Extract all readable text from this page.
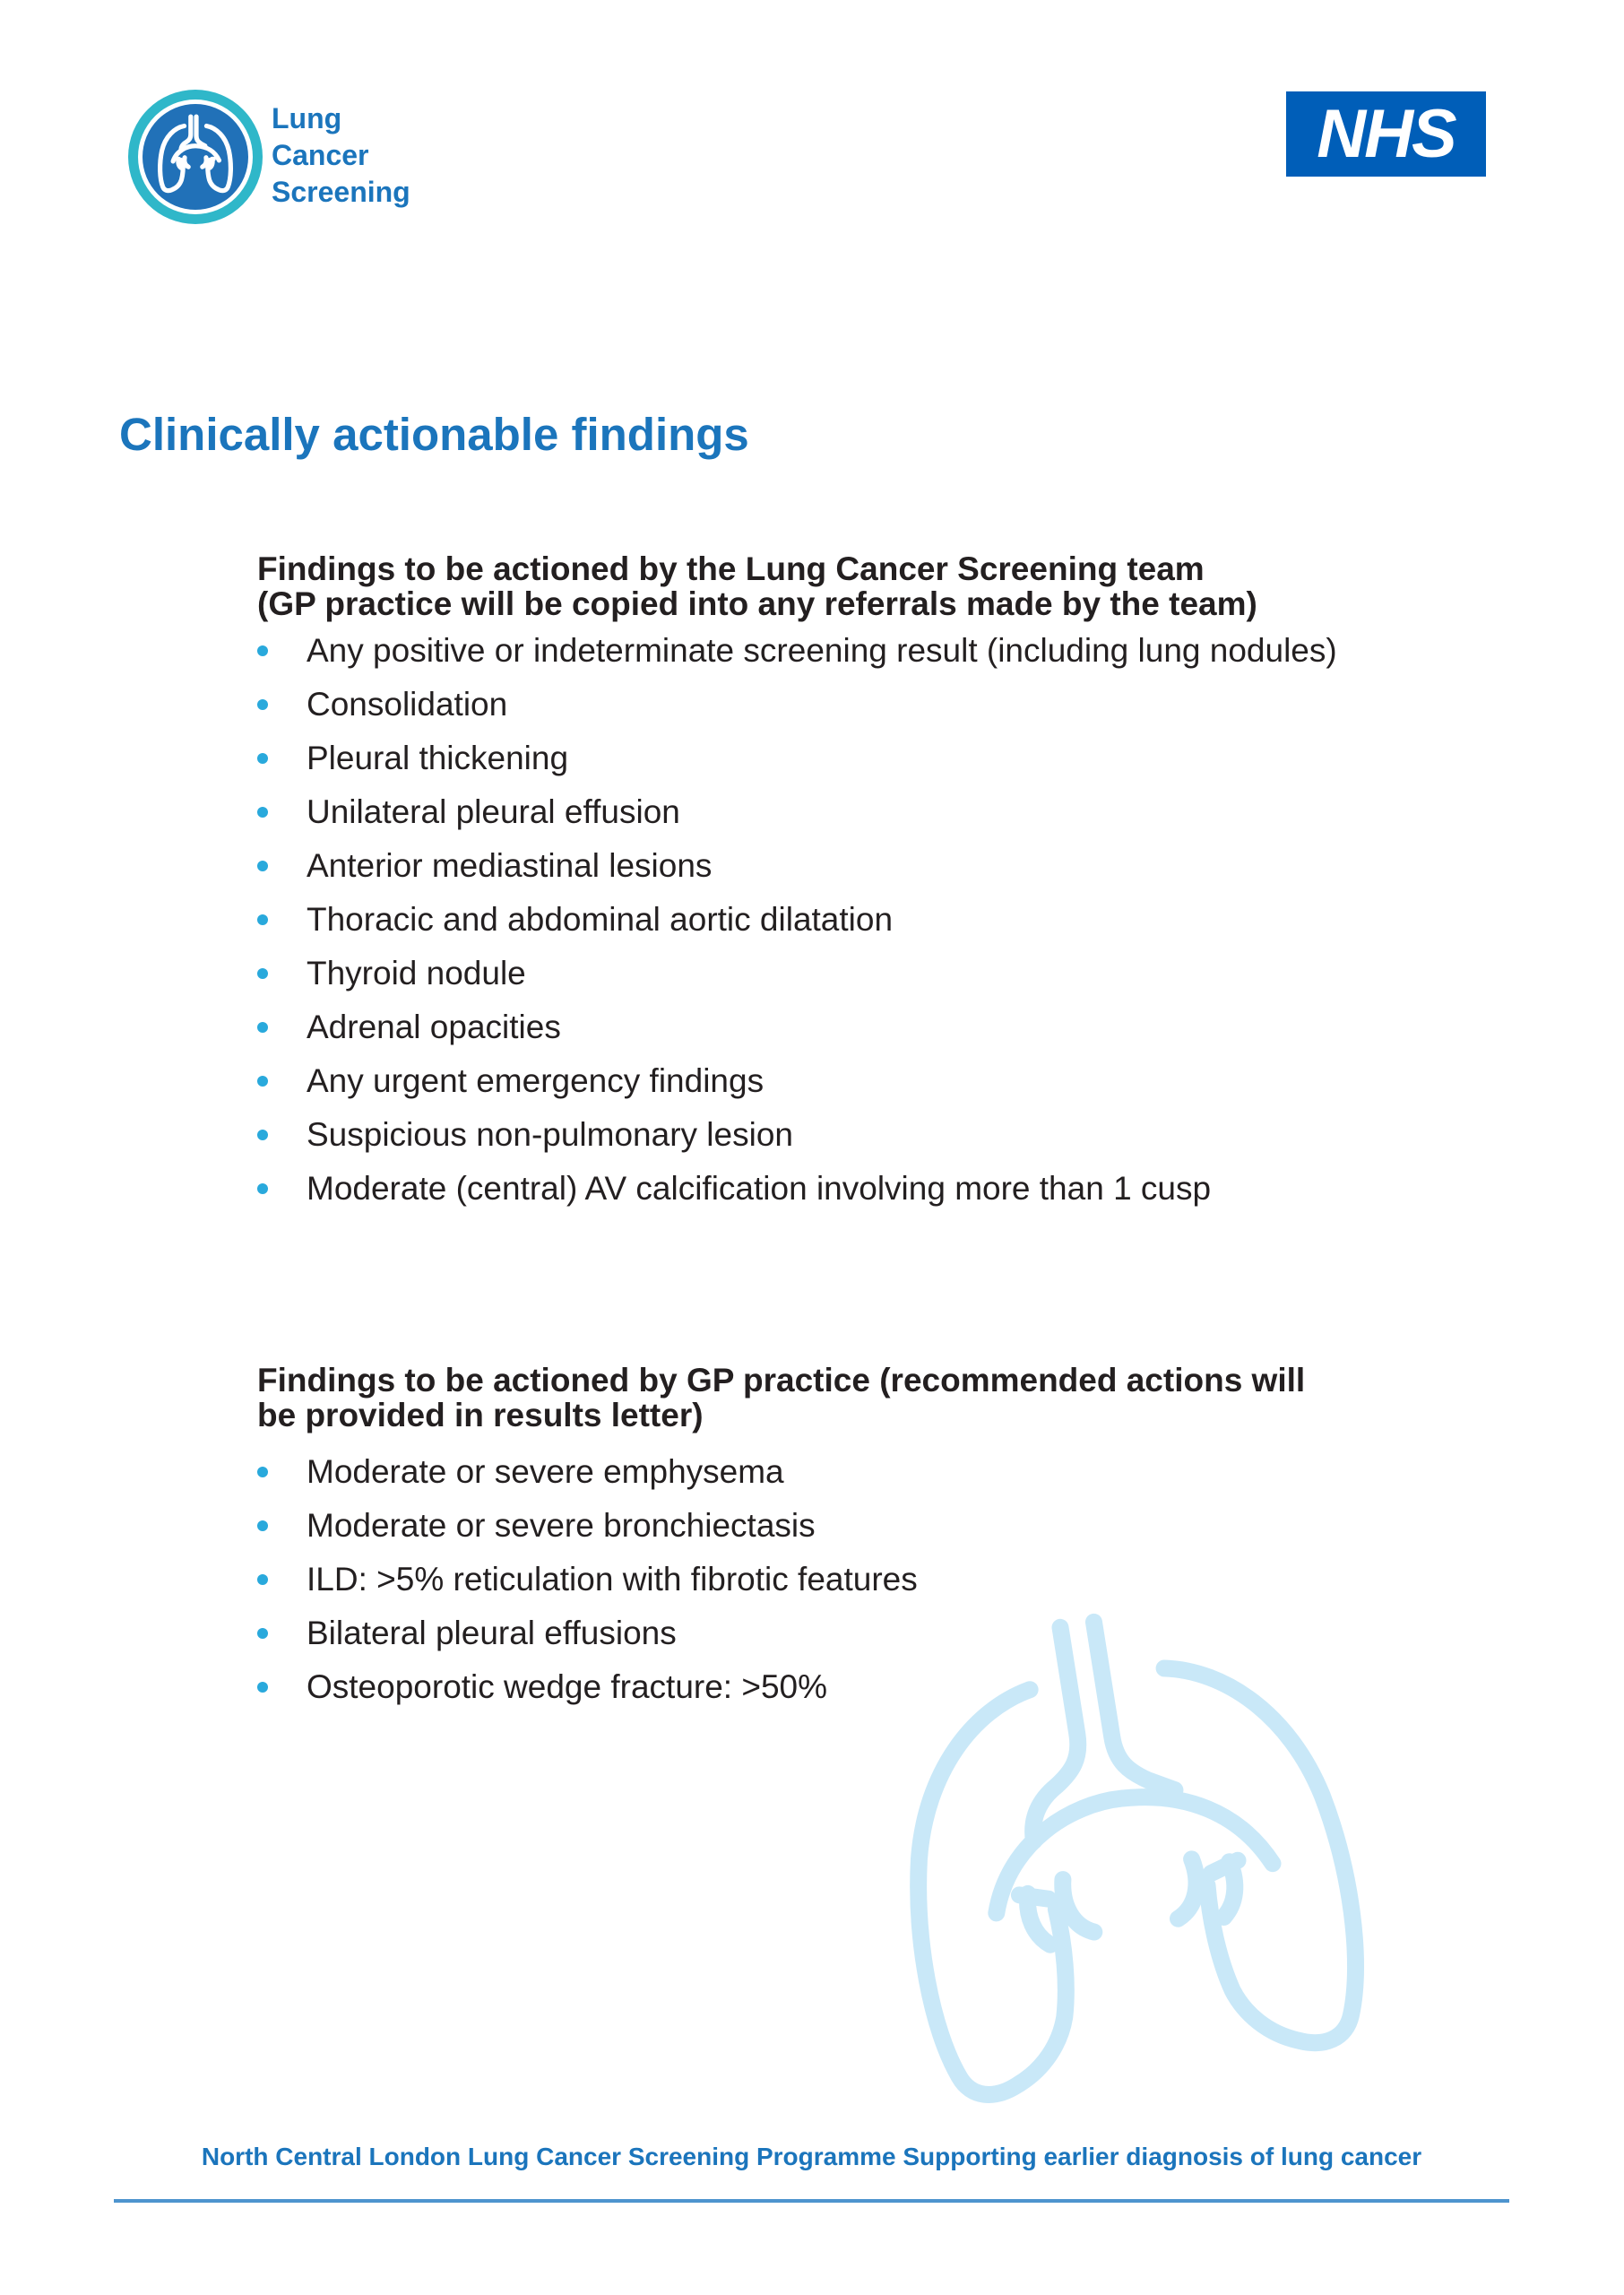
Lung
Cancer
Screening
NHS
Clinically actionable findings
Findings to be actioned by the Lung Cancer Screening team
(GP practice will be copied into any referrals made by the team)
Any positive or indeterminate screening result (including lung nodules)
Consolidation
Pleural thickening
Unilateral pleural effusion
Anterior mediastinal lesions
Thoracic and abdominal aortic dilatation
Thyroid nodule
Adrenal opacities
Any urgent emergency findings
Suspicious non-pulmonary lesion
Moderate (central) AV calcification involving more than 1 cusp
Findings to be actioned by GP practice (recommended actions will
be provided in results letter)
Moderate or severe emphysema
Moderate or severe bronchiectasis
ILD: >5% reticulation with fibrotic features
Bilateral pleural effusions
Osteoporotic wedge fracture: >50%
North Central London Lung Cancer Screening Programme Supporting earlier diagnosis of lung cancer
